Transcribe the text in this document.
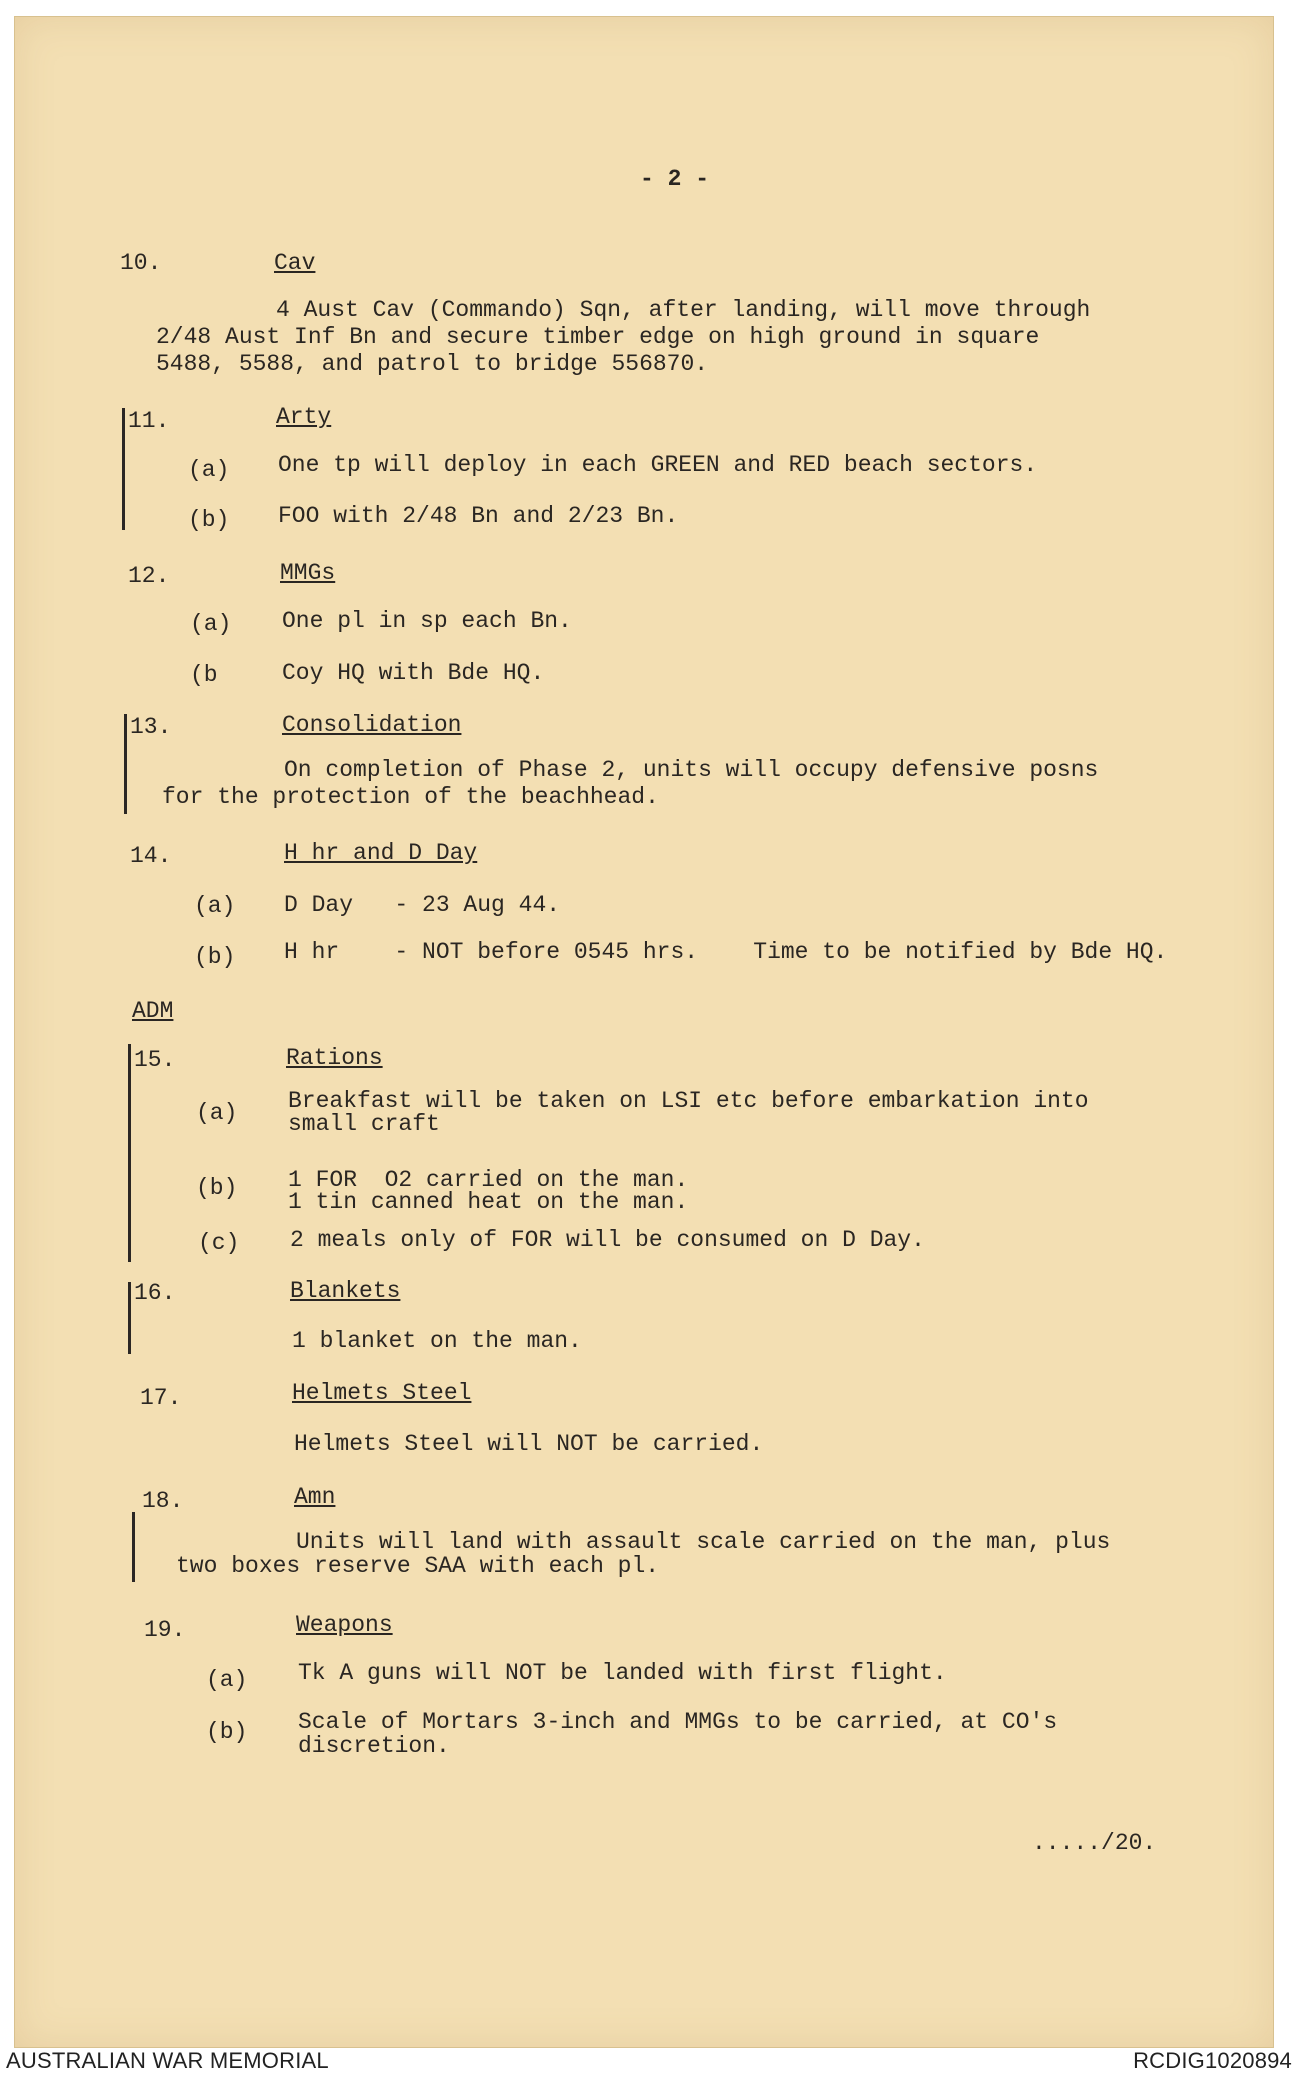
- 2 -
10.	Cav
4 Aust Cav (Commando) Sqn, after landing, will move through
2/48 Aust Inf Bn and secure timber edge on high ground in square
5488, 5588, and patrol to bridge 556870.
11.	Arty
(a) One tp will deploy in each GREEN and RED beach sectors.
(b) FOO with 2/48 Bn and 2/23 Bn.
12.	MMGs
(a) One pl in sp each Bn.
(b	Coy HQ with Bde HQ.
13.	Consolidation
On completion of Phase 2, units will occupy defensive posns
for the protection of the beachhead.
14.	H hr and D Day
(a) D Day   - 23 Aug 44.
(b) H hr    - NOT before 0545 hrs.    Time to be notified by Bde HQ.
ADM
15.	Rations
(a) Breakfast will be taken on LSI etc before embarkation into
small craft
(b) 1 FOR  O2 carried on the man.
1 tin canned heat on the man.
(c) 2 meals only of FOR will be consumed on D Day.
16.	Blankets
1 blanket on the man.
17.	Helmets Steel
Helmets Steel will NOT be carried.
18.	Amn
Units will land with assault scale carried on the man, plus
two boxes reserve SAA with each pl.
19.	Weapons
(a) Tk A guns will NOT be landed with first flight.
(b) Scale of Mortars 3-inch and MMGs to be carried, at CO's
discretion.
...../20.
AUSTRALIAN WAR MEMORIAL	RCDIG1020894
